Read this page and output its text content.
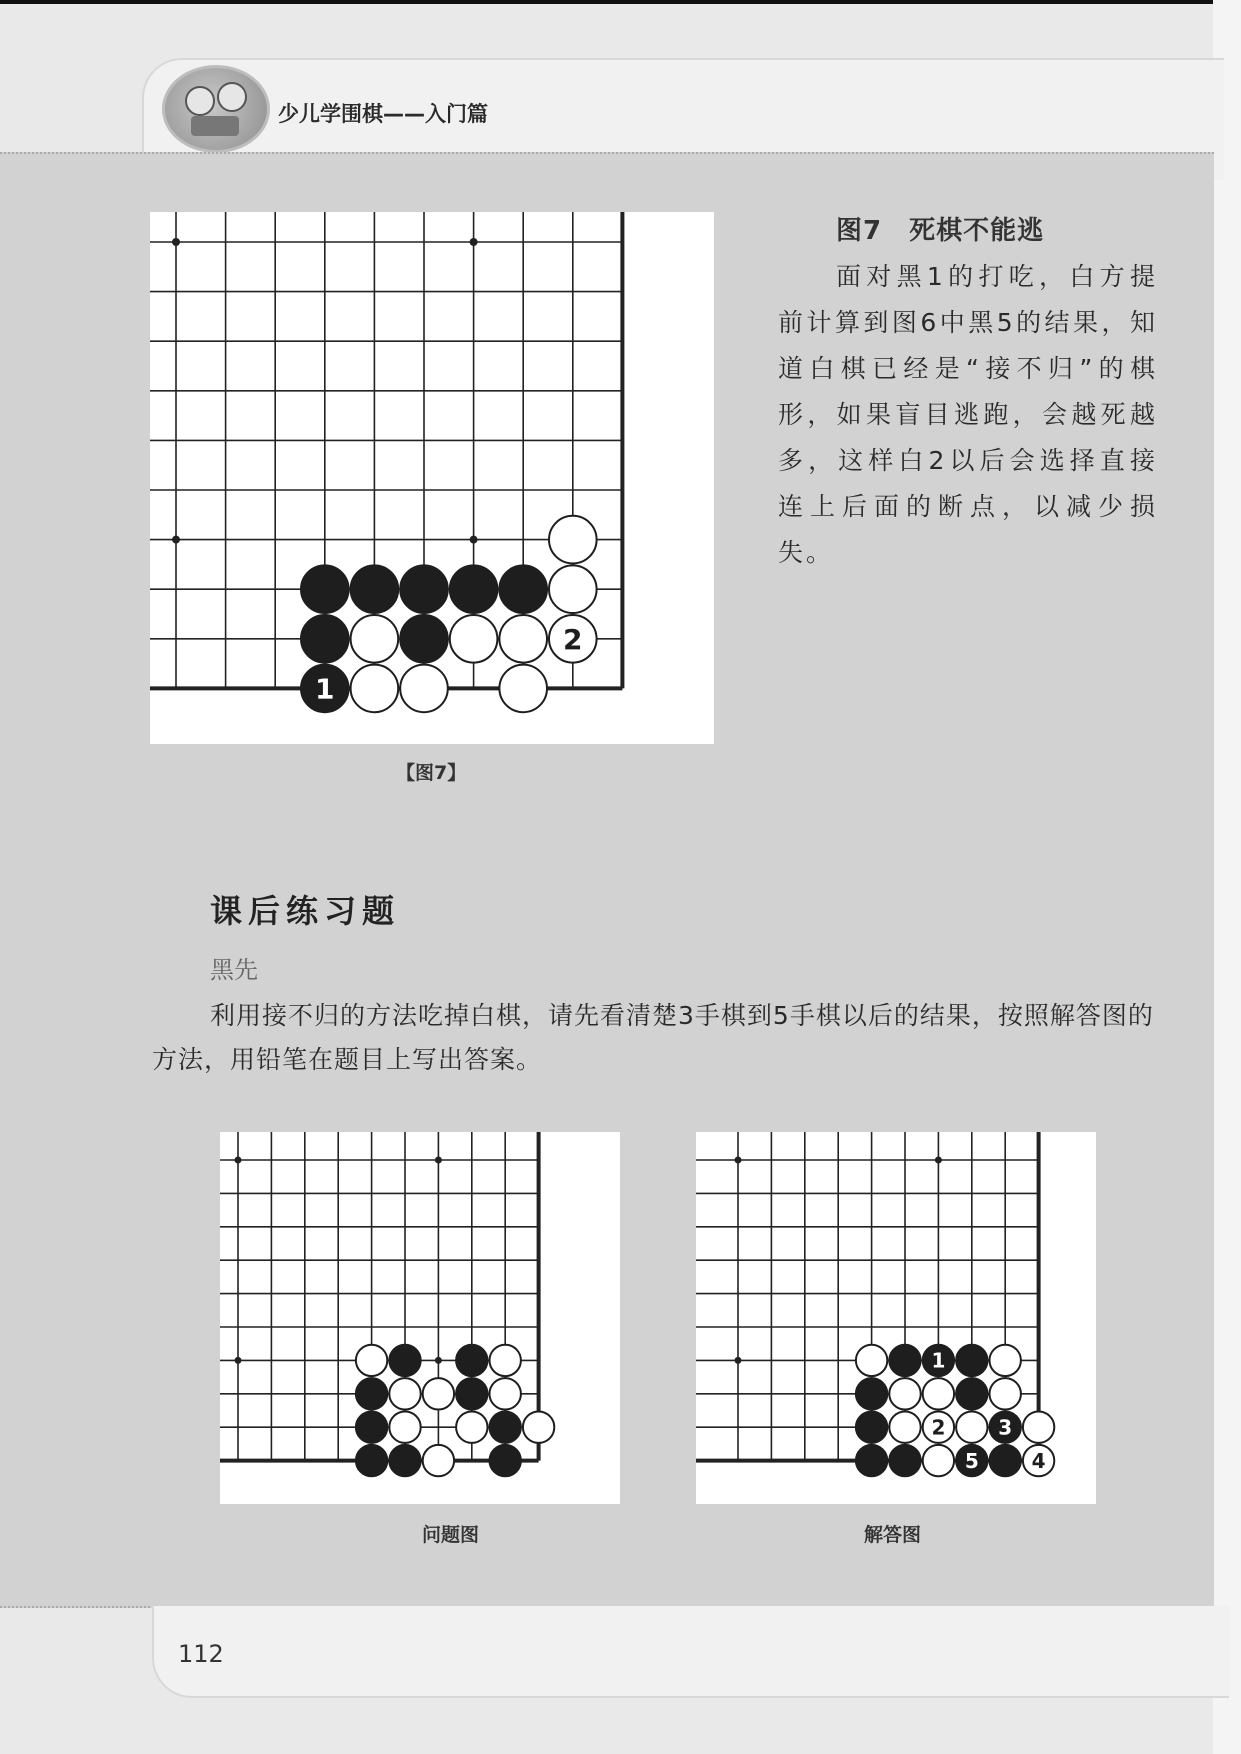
少儿学围棋——入门篇
1
2
【图7】
图7　死棋不能逃
面对黑1的打吃，白方提前计算到图6中黑5的结果，知道白棋已经是“接不归”的棋形，如果盲目逃跑，会越死越多，这样白2以后会选择直接连上后面的断点，以减少损失。
课后练习题
黑先
利用接不归的方法吃掉白棋，请先看清楚3手棋到5手棋以后的结果，按照解答图的方法，用铅笔在题目上写出答案。
问题图
1
2	3
5	4
解答图
112
